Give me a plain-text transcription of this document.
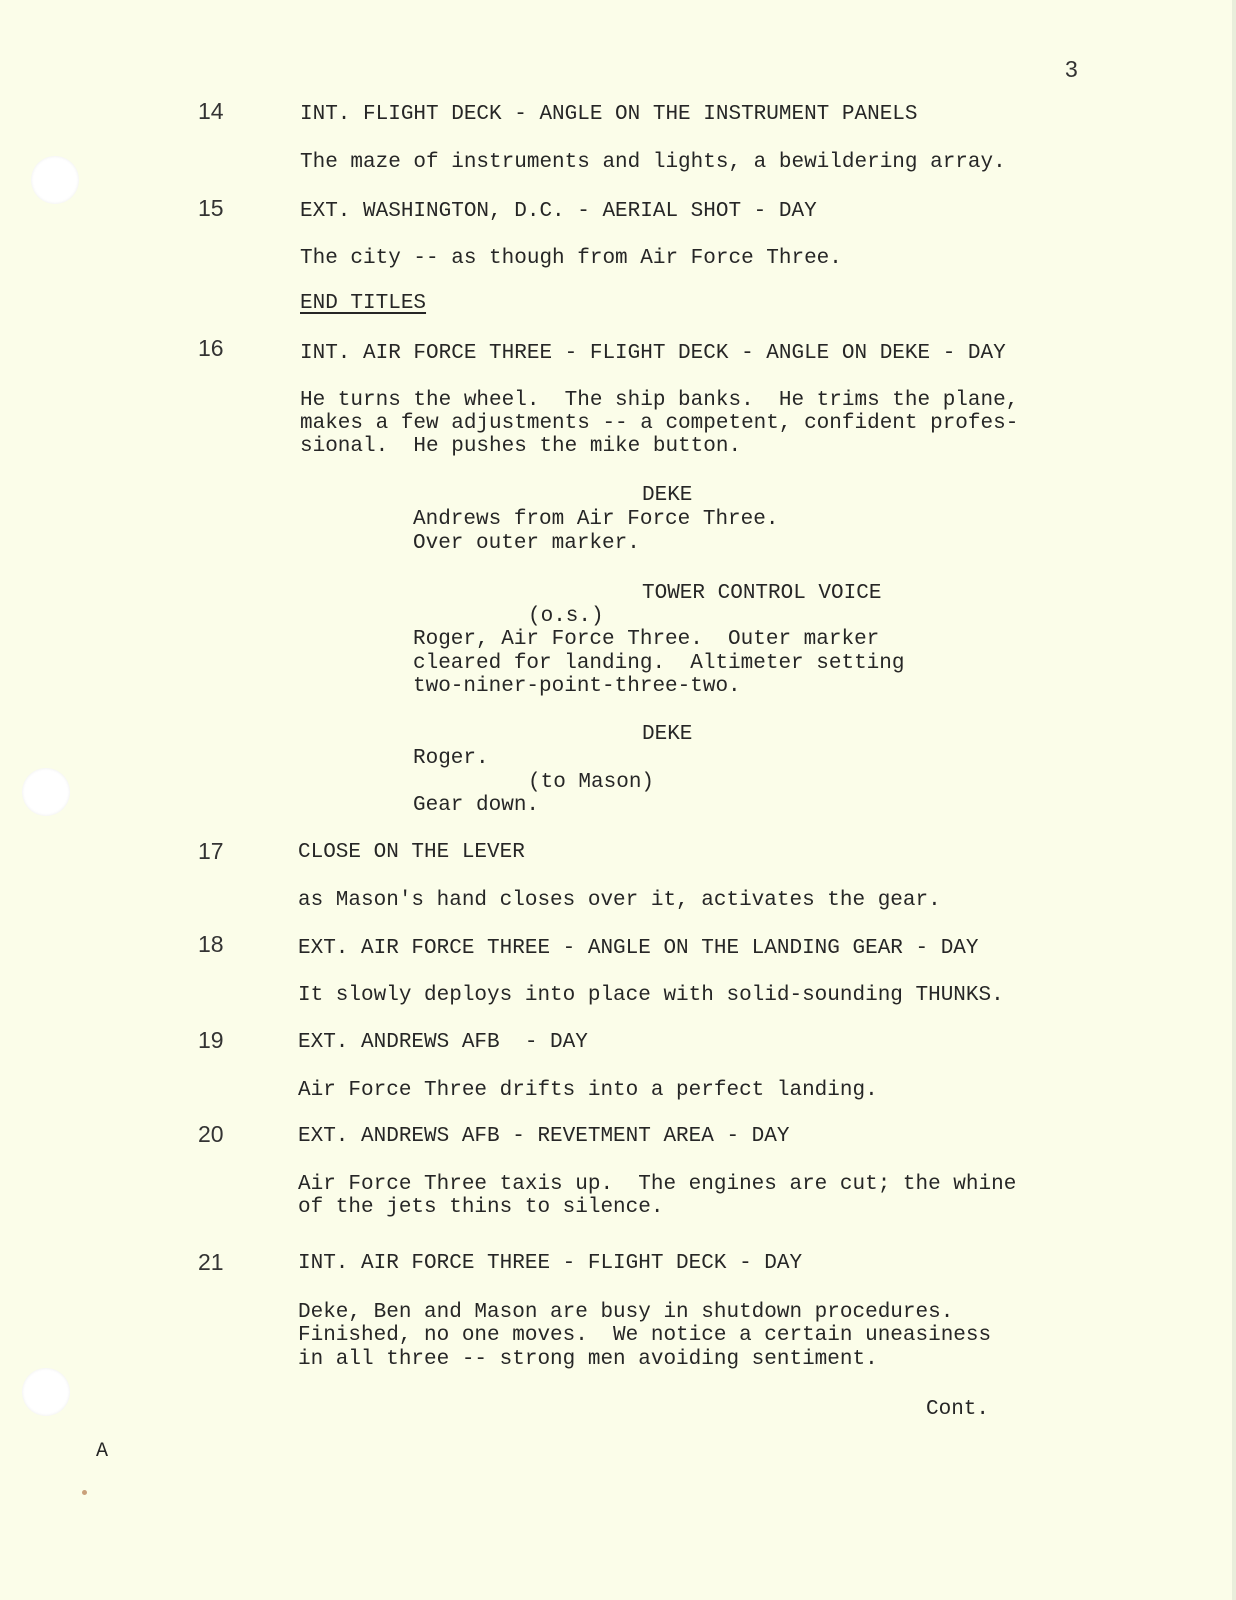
3
14	INT. FLIGHT DECK - ANGLE ON THE INSTRUMENT PANELS
The maze of instruments and lights, a bewildering array.
15	EXT. WASHINGTON, D.C. - AERIAL SHOT - DAY
The city -- as though from Air Force Three.
END TITLES
16	INT. AIR FORCE THREE - FLIGHT DECK - ANGLE ON DEKE - DAY
He turns the wheel.  The ship banks.  He trims the plane,
makes a few adjustments -- a competent, confident profes-
sional.  He pushes the mike button.
DEKE
Andrews from Air Force Three.
Over outer marker.
TOWER CONTROL VOICE
(o.s.)
Roger, Air Force Three.  Outer marker
cleared for landing.  Altimeter setting
two-niner-point-three-two.
DEKE
Roger.
(to Mason)
Gear down.
17	CLOSE ON THE LEVER
as Mason's hand closes over it, activates the gear.
18	EXT. AIR FORCE THREE - ANGLE ON THE LANDING GEAR - DAY
It slowly deploys into place with solid-sounding THUNKS.
19	EXT. ANDREWS AFB  - DAY
Air Force Three drifts into a perfect landing.
20	EXT. ANDREWS AFB - REVETMENT AREA - DAY
Air Force Three taxis up.  The engines are cut; the whine
of the jets thins to silence.
21	INT. AIR FORCE THREE - FLIGHT DECK - DAY
Deke, Ben and Mason are busy in shutdown procedures.
Finished, no one moves.  We notice a certain uneasiness
in all three -- strong men avoiding sentiment.
Cont.
A
